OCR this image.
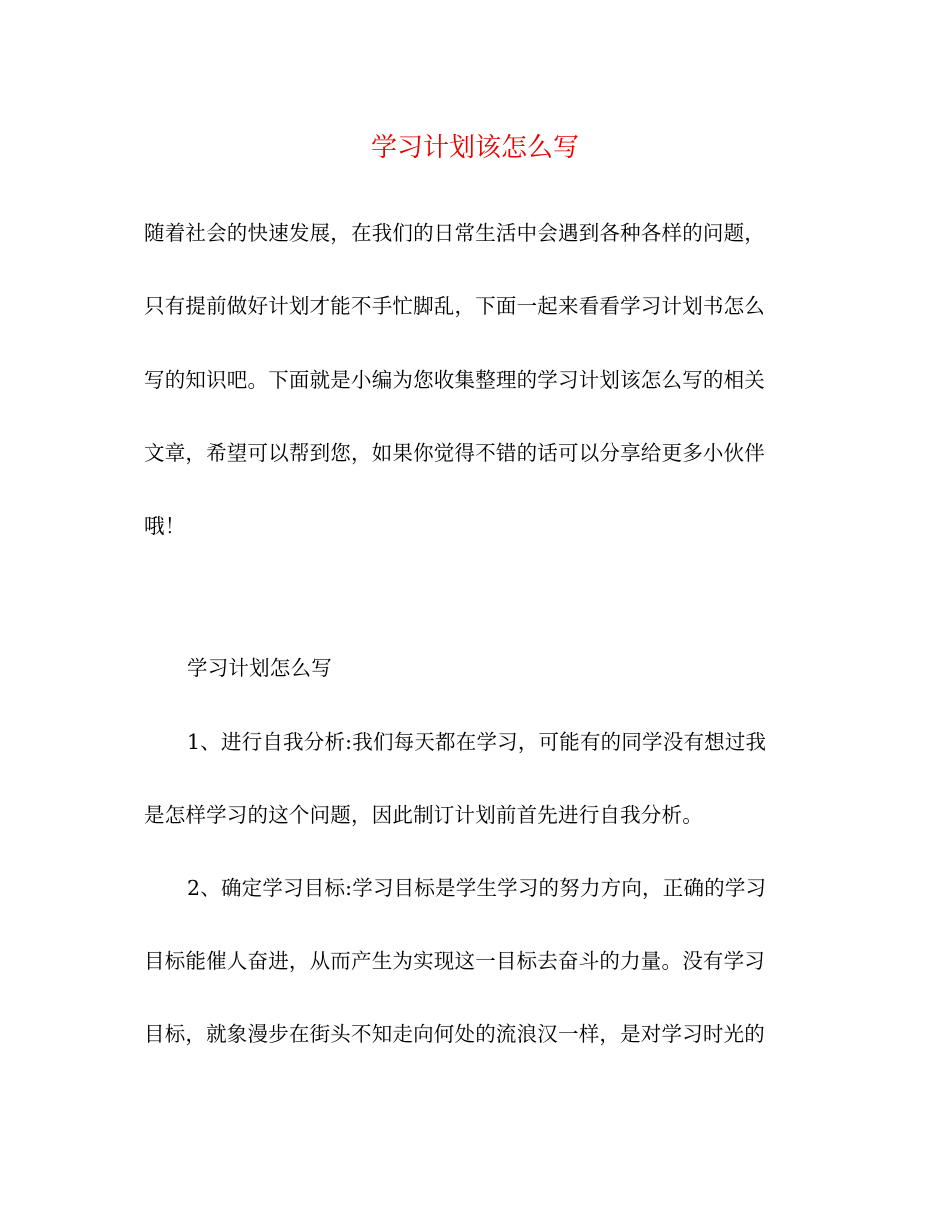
学习计划该怎么写
随着社会的快速发展，在我们的日常生活中会遇到各种各样的问题，
只有提前做好计划才能不手忙脚乱，下面一起来看看学习计划书怎么
写的知识吧。下面就是小编为您收集整理的学习计划该怎么写的相关
文章，希望可以帮到您，如果你觉得不错的话可以分享给更多小伙伴
哦！
学习计划怎么写
1、进行自我分析:我们每天都在学习，可能有的同学没有想过我
是怎样学习的这个问题，因此制订计划前首先进行自我分析。
2、确定学习目标:学习目标是学生学习的努力方向，正确的学习
目标能催人奋进，从而产生为实现这一目标去奋斗的力量。没有学习
目标，就象漫步在街头不知走向何处的流浪汉一样，是对学习时光的
